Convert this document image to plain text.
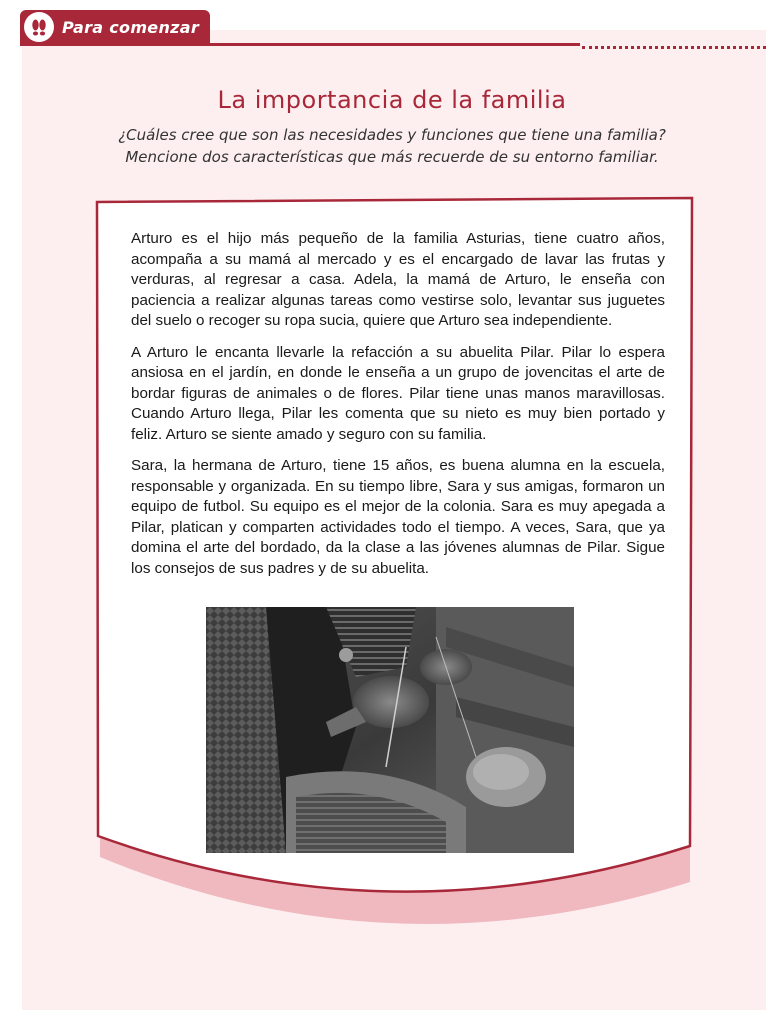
Para comenzar
La importancia de la familia
¿Cuáles cree que son las necesidades y funciones que tiene una familia?
Mencione dos características que más recuerde de su entorno familiar.

Arturo es el hijo más pequeño de la familia Asturias, tiene cuatro años, acompaña a su mamá al mercado y es el encargado de lavar las frutas y verduras, al regresar a casa. Adela, la mamá de Arturo, le enseña con paciencia a realizar algunas tareas como vestirse solo, levantar sus juguetes del suelo o recoger su ropa sucia, quiere que Arturo sea independiente.

A Arturo le encanta llevarle la refacción a su abuelita Pilar. Pilar lo espera ansiosa en el jardín, en donde le enseña a un grupo de jovencitas el arte de bordar figuras de animales o de flores. Pilar tiene unas manos maravillosas. Cuando Arturo llega, Pilar les comenta que su nieto es muy bien portado y feliz. Arturo se siente amado y seguro con su familia.

Sara, la hermana de Arturo, tiene 15 años, es buena alumna en la escuela, responsable y organizada. En su tiempo libre, Sara y sus amigas, formaron un equipo de futbol. Su equipo es el mejor de la colonia. Sara es muy apegada a Pilar, platican y comparten actividades todo el tiempo. A veces, Sara, que ya domina el arte del bordado, da la clase a las jóvenes alumnas de Pilar. Sigue los consejos de sus padres y de su abuelita.
